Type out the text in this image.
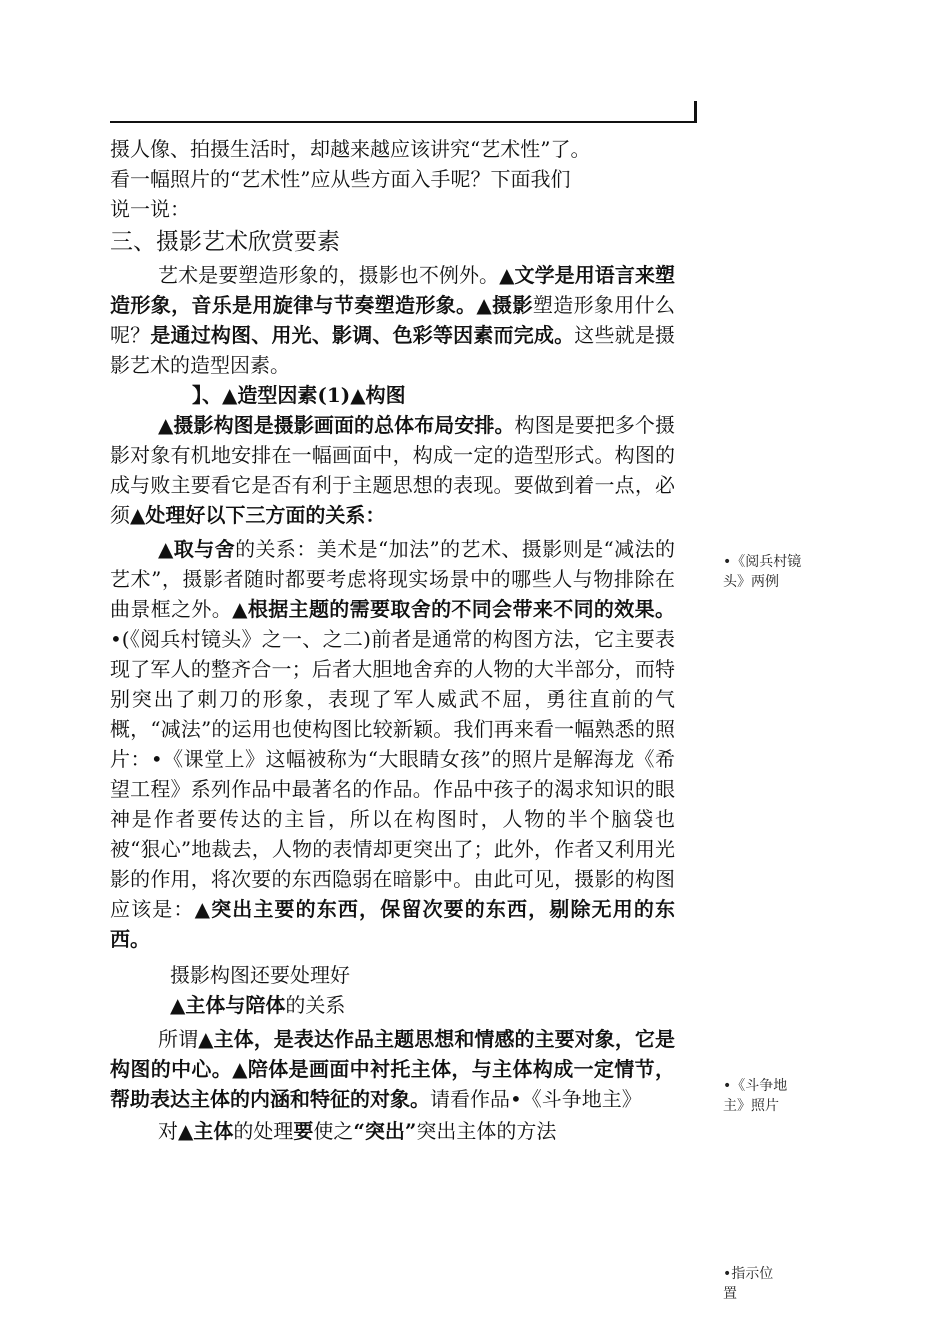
摄人像、拍摄生活时，却越来越应该讲究“艺术性”了。

看一幅照片的“艺术性”应从些方面入手呢？下面我们

说一说：

三、摄影艺术欣赏要素

艺术是要塑造形象的，摄影也不例外。▲文学是用语言来塑造形象，音乐是用旋律与节奏塑造形象。▲摄影塑造形象用什么呢？是通过构图、用光、影调、色彩等因素而完成。这些就是摄影艺术的造型因素。

】、▲造型因素(1)▲构图

▲摄影构图是摄影画面的总体布局安排。构图是要把多个摄影对象有机地安排在一幅画面中，构成一定的造型形式。构图的成与败主要看它是否有利于主题思想的表现。要做到着一点，必须▲处理好以下三方面的关系：

▲取与舍的关系：美术是“加法”的艺术、摄影则是“减法的艺术”，摄影者随时都要考虑将现实场景中的哪些人与物排除在曲景框之外。▲根据主题的需要取舍的不同会带来不同的效果。•(《阅兵村镜头》之一、之二)前者是通常的构图方法，它主要表现了军人的整齐合一；后者大胆地舍弃的人物的大半部分，而特别突出了刺刀的形象，表现了军人威武不屈，勇往直前的气概，“减法”的运用也使构图比较新颖。我们再来看一幅熟悉的照片：•《课堂上》这幅被称为“大眼睛女孩”的照片是解海龙《希望工程》系列作品中最著名的作品。作品中孩子的渴求知识的眼神是作者要传达的主旨，所以在构图时，人物的半个脑袋也被“狠心”地裁去，人物的表情却更突出了；此外，作者又利用光影的作用，将次要的东西隐弱在暗影中。由此可见，摄影的构图应该是：▲突出主要的东西，保留次要的东西，剔除无用的东西。

摄影构图还要处理好

▲主体与陪体的关系

所谓▲主体，是表达作品主题思想和情感的主要对象，它是构图的中心。▲陪体是画面中衬托主体，与主体构成一定情节，帮助表达主体的内涵和特征的对象。请看作品•《斗争地主》

对▲主体的处理要使之“突出”突出主体的方法

•《阅兵村镜
头》两例
•《斗争地
主》照片
•指示位
置
